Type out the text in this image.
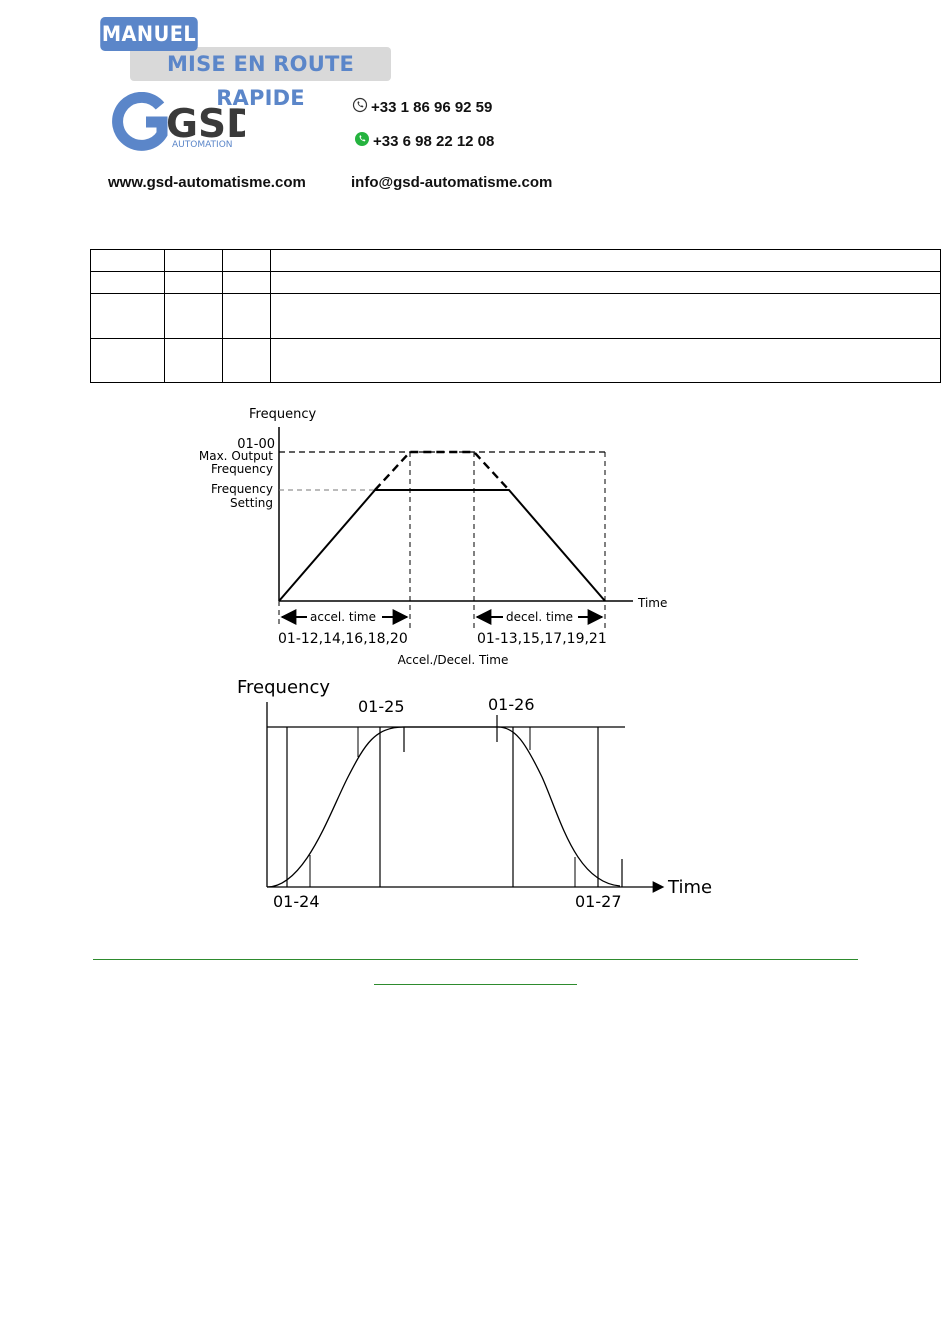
MISE EN ROUTE RAPIDE
MANUEL
GSD
AUTOMATION
+33 1 86 96 92 59
+33 6 98 22 12 08
www.gsd-automatisme.com	info@gsd-automatisme.com

Frequency
01-00
Max. Output
Frequency
Frequency
Setting
Time
accel. time	decel. time
01-12,14,16,18,20	01-13,15,17,19,21
Accel./Decel. Time
Frequency
Time
01-25	01-26
01-24	01-27
